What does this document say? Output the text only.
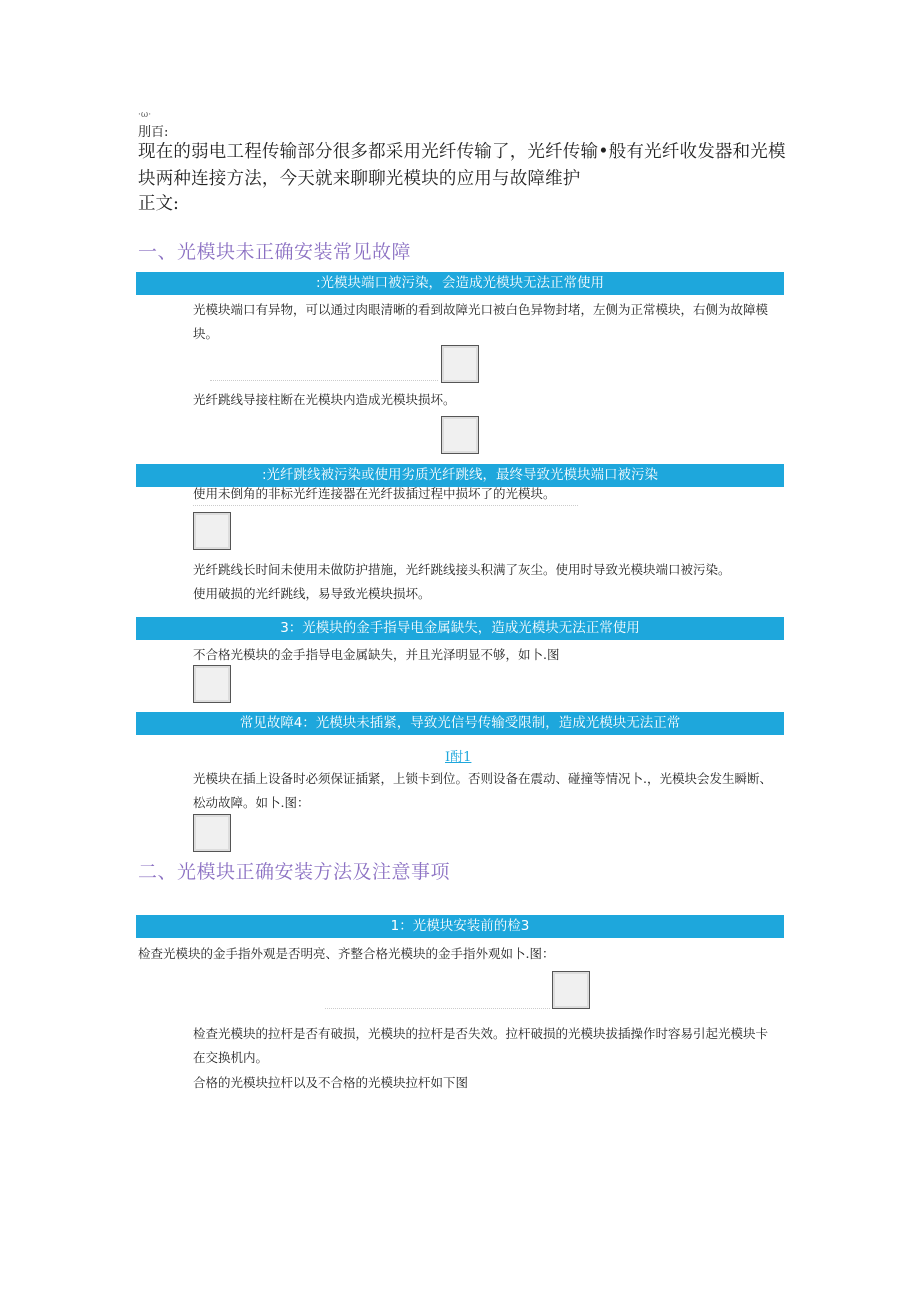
·ω·
刖百:
现在的弱电工程传输部分很多都采用光纤传输了，光纤传输•般有光纤收发器和光模块两种连接方法，今天就来聊聊光模块的应用与故障维护
正文:
一、光模块未正确安装常见故障
:光模块端口被污染，会造成光模块无法正常使用
光模块端口有异物，可以通过肉眼清晰的看到故障光口被白色异物封堵，左侧为正常模块，右侧为故障模块。
光纤跳线导接柱断在光模块内造成光模块损坏。
:光纤跳线被污染或使用劣质光纤跳线，最终导致光模块端口被污染
使用未倒角的非标光纤连接器在光纤拔插过程中损坏了的光模块。
光纤跳线长时间未使用未做防护措施，光纤跳线接头积满了灰尘。使用时导致光模块端口被污染。
使用破损的光纤跳线，易导致光模块损坏。
3：光模块的金手指导电金属缺失，造成光模块无法正常使用
不合格光模块的金手指导电金属缺失，并且光泽明显不够，如卜.图
常见故障4：光模块未插紧，导致光信号传输受限制，造成光模块无法正常
I酎1
光模块在插上设备时必须保证插紧，上锁卡到位。否则设备在震动、碰撞等情况卜.，光模块会发生瞬断、松动故障。如卜.图：
二、光模块正确安装方法及注意事项
1：光模块安装前的检3
检查光模块的金手指外观是否明亮、齐整合格光模块的金手指外观如卜.图：
检查光模块的拉杆是否有破损，光模块的拉杆是否失效。拉杆破损的光模块拔插操作时容易引起光模块卡在交换机内。
合格的光模块拉杆以及不合格的光模块拉杆如下图
